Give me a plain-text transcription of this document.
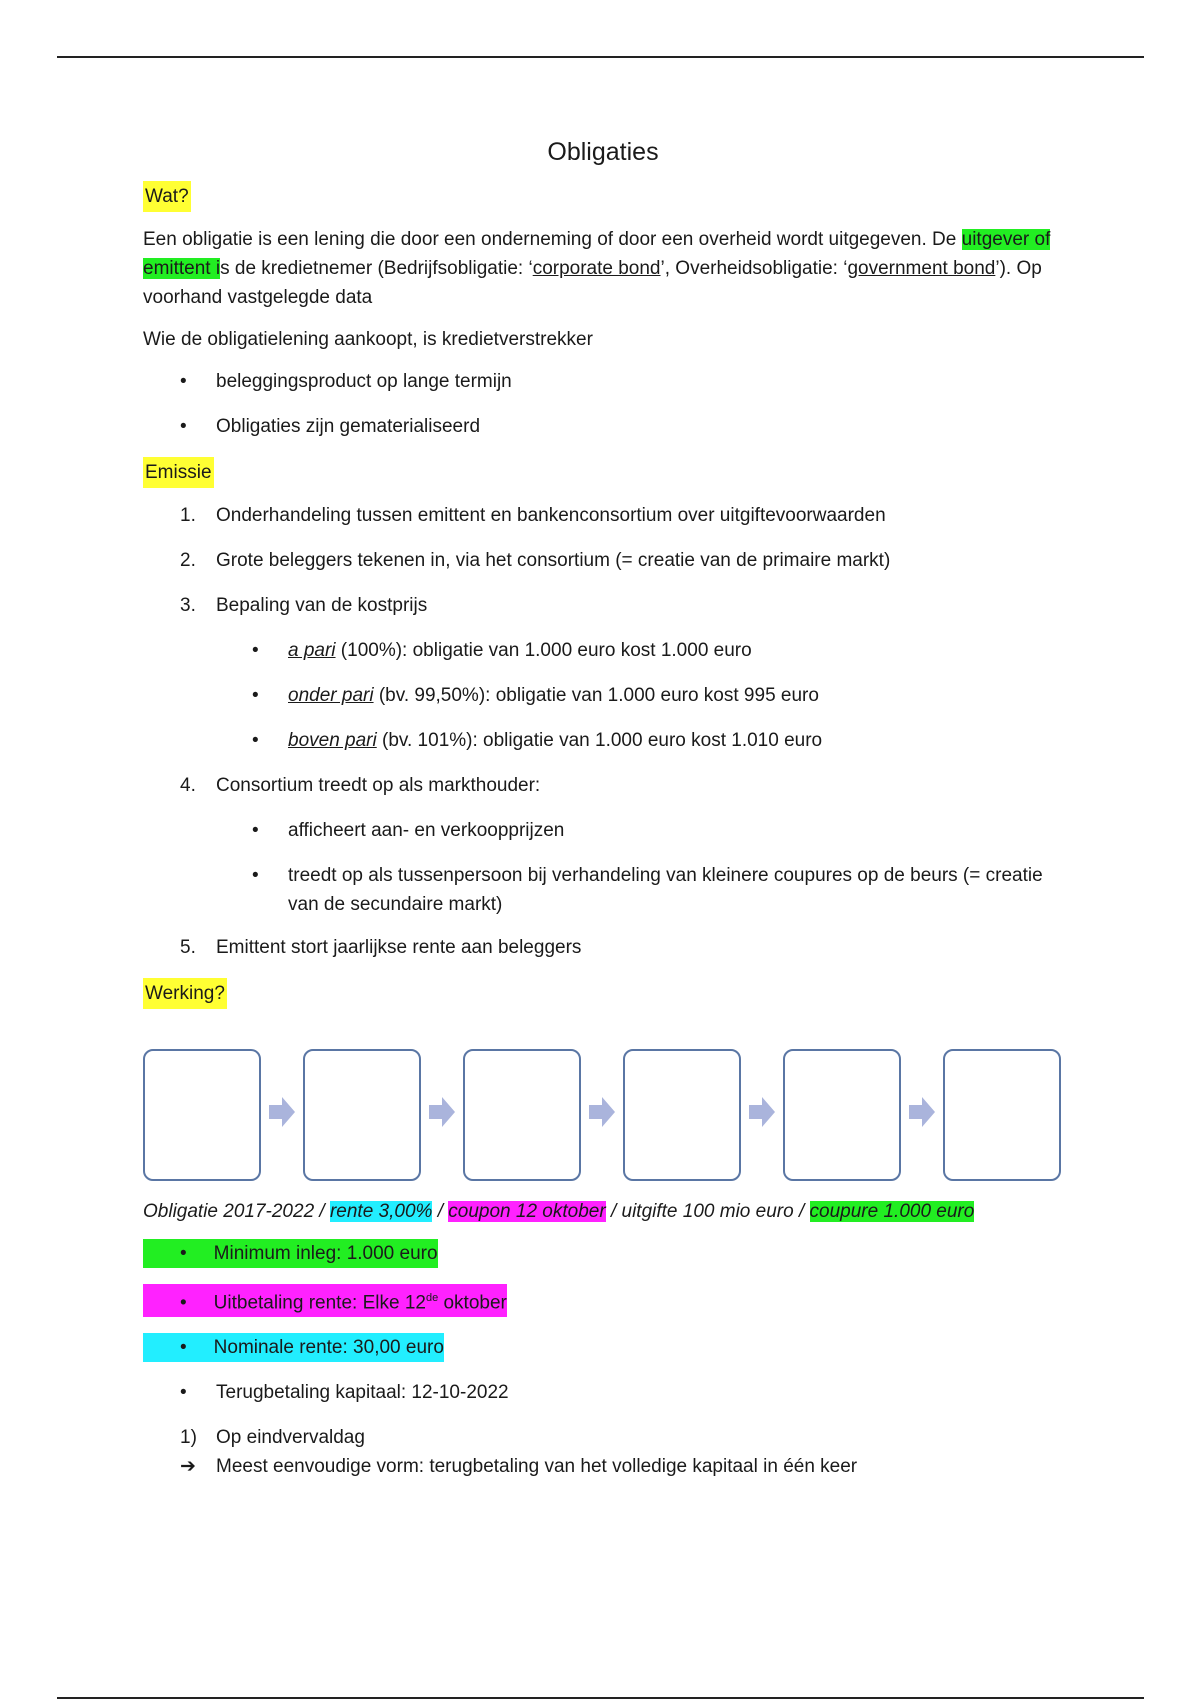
Obligaties

Wat?

Een obligatie is een lening die door een onderneming of door een overheid wordt uitgegeven. De uitgever of emittent is de kredietnemer (Bedrijfsobligatie: ‘corporate bond’, Overheidsobligatie: ‘government bond’). Op voorhand vastgelegde data

Wie de obligatielening aankoopt, is kredietverstrekker

• beleggingsproduct op lange termijn
• Obligaties zijn gematerialiseerd

Emissie

1. Onderhandeling tussen emittent en bankenconsortium over uitgiftevoorwaarden
2. Grote beleggers tekenen in, via het consortium (= creatie van de primaire markt)
3. Bepaling van de kostprijs
• a pari (100%): obligatie van 1.000 euro kost 1.000 euro
• onder pari (bv. 99,50%): obligatie van 1.000 euro kost 995 euro
• boven pari (bv. 101%): obligatie van 1.000 euro kost 1.010 euro
4. Consortium treedt op als markthouder:
• afficheert aan- en verkoopprijzen
• treedt op als tussenpersoon bij verhandeling van kleinere coupures op de beurs (= creatie van de secundaire markt)
5. Emittent stort jaarlijkse rente aan beleggers

Werking?

Obligatie 2017-2022 / rente 3,00% / coupon 12 oktober / uitgifte 100 mio euro / coupure 1.000 euro

• Minimum inleg: 1.000 euro
• Uitbetaling rente: Elke 12de oktober
• Nominale rente: 30,00 euro
• Terugbetaling kapitaal: 12-10-2022
1) Op eindvervaldag
➔ Meest eenvoudige vorm: terugbetaling van het volledige kapitaal in één keer
